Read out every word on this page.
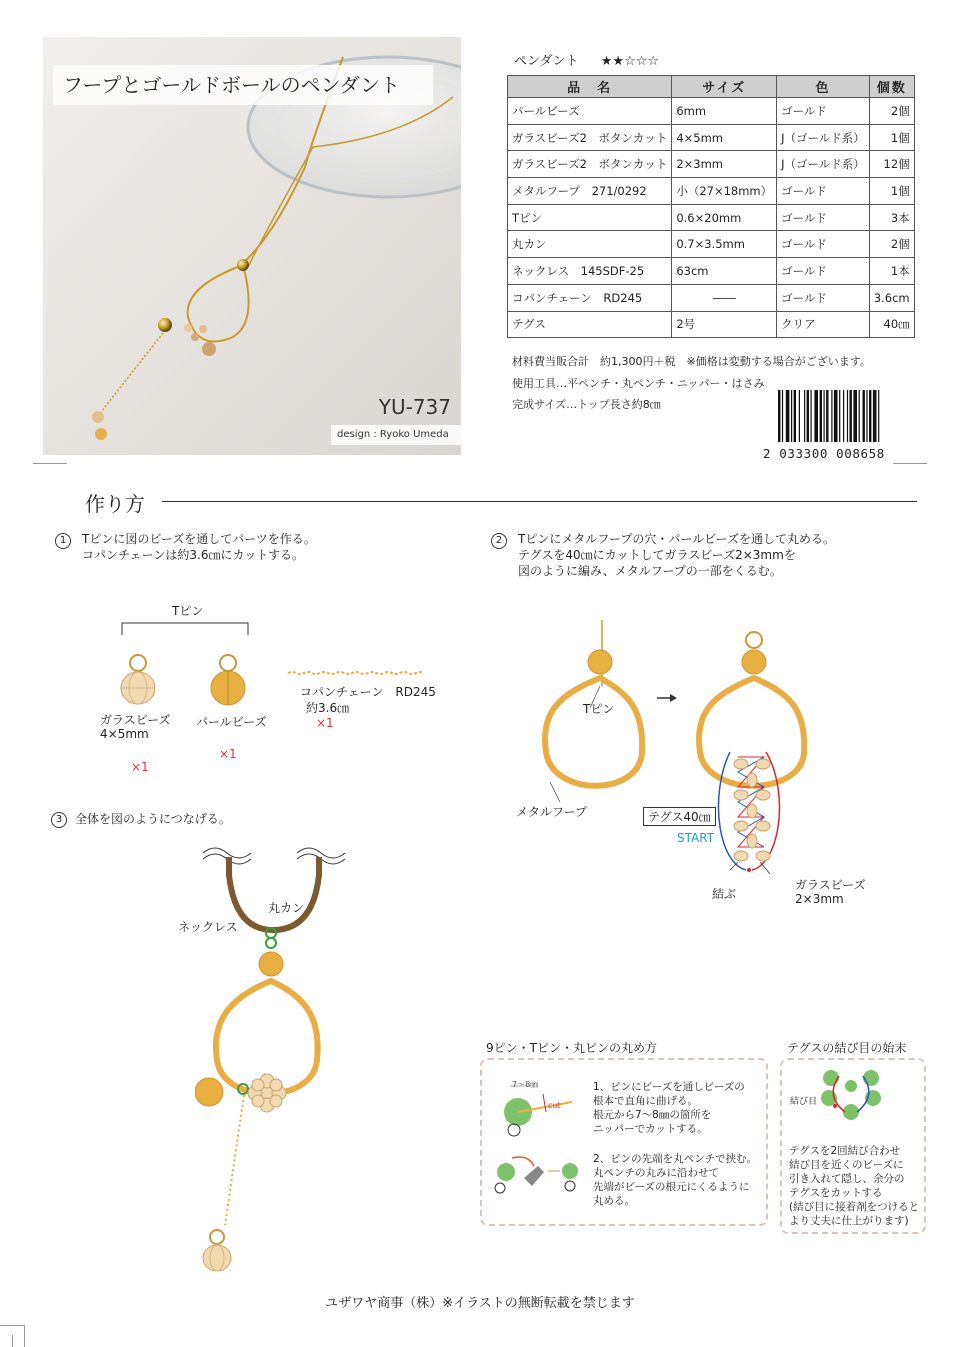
フープとゴールドボールのペンダント
YU-737
design : Ryoko Umeda
ペンダント ★★☆☆☆
品　名	サイズ	色	個数
パールビーズ	6mm	ゴールド	2個
ガラスビーズ2　ボタンカット	4×5mm	J（ゴールド系）	1個
ガラスビーズ2　ボタンカット	2×3mm	J（ゴールド系）	12個
メタルフープ　271/0292	小（27×18mm）	ゴールド	1個
Tピン	0.6×20mm	ゴールド	3本
丸カン	0.7×3.5mm	ゴールド	2個
ネックレス　145SDF-25	63cm	ゴールド	1本
コパンチェーン　RD245	――	ゴールド	3.6cm
テグス	2号	クリア	40㎝
材料費当販合計　約1,300円＋税　※価格は変動する場合がございます。
使用工具…平ペンチ・丸ペンチ・ニッパー・はさみ
完成サイズ…トップ長さ約8㎝
2 033300 008658
作り方
1	Tピンに図のビーズを通してパーツを作る。
コパンチェーンは約3.6㎝にカットする。
Tピン
ガラスビーズ
4×5mm
×1
パールビーズ
×1
コパンチェーン　RD245
約3.6㎝
×1
2	Tピンにメタルフープの穴・パールビーズを通して丸める。
テグスを40㎝にカットしてガラスビーズ2×3mmを
図のように編み、メタルフープの一部をくるむ。
Tピン
メタルフープ	テグス40㎝
START
結ぶ
ガラスビーズ
2×3mm
3	全体を図のようにつなげる。
ネックレス
丸カン
9ピン・Tピン・丸ピンの丸め方
7～8㎜
cut
1、ピンにビーズを通しビーズの
根本で直角に曲げる。
根元から7～8㎜の箇所を
ニッパーでカットする。
2、ピンの先端を丸ペンチで挟む。
丸ペンチの丸みに沿わせて
先端がビーズの根元にくるように
丸める。
テグスの結び目の始末
結び目
テグスを2回結び合わせ
結び目を近くのビーズに
引き入れて隠し、余分の
テグスをカットする
(結び目に接着剤をつけると
より丈夫に仕上がります)
ユザワヤ商事（株）※イラストの無断転載を禁じます
